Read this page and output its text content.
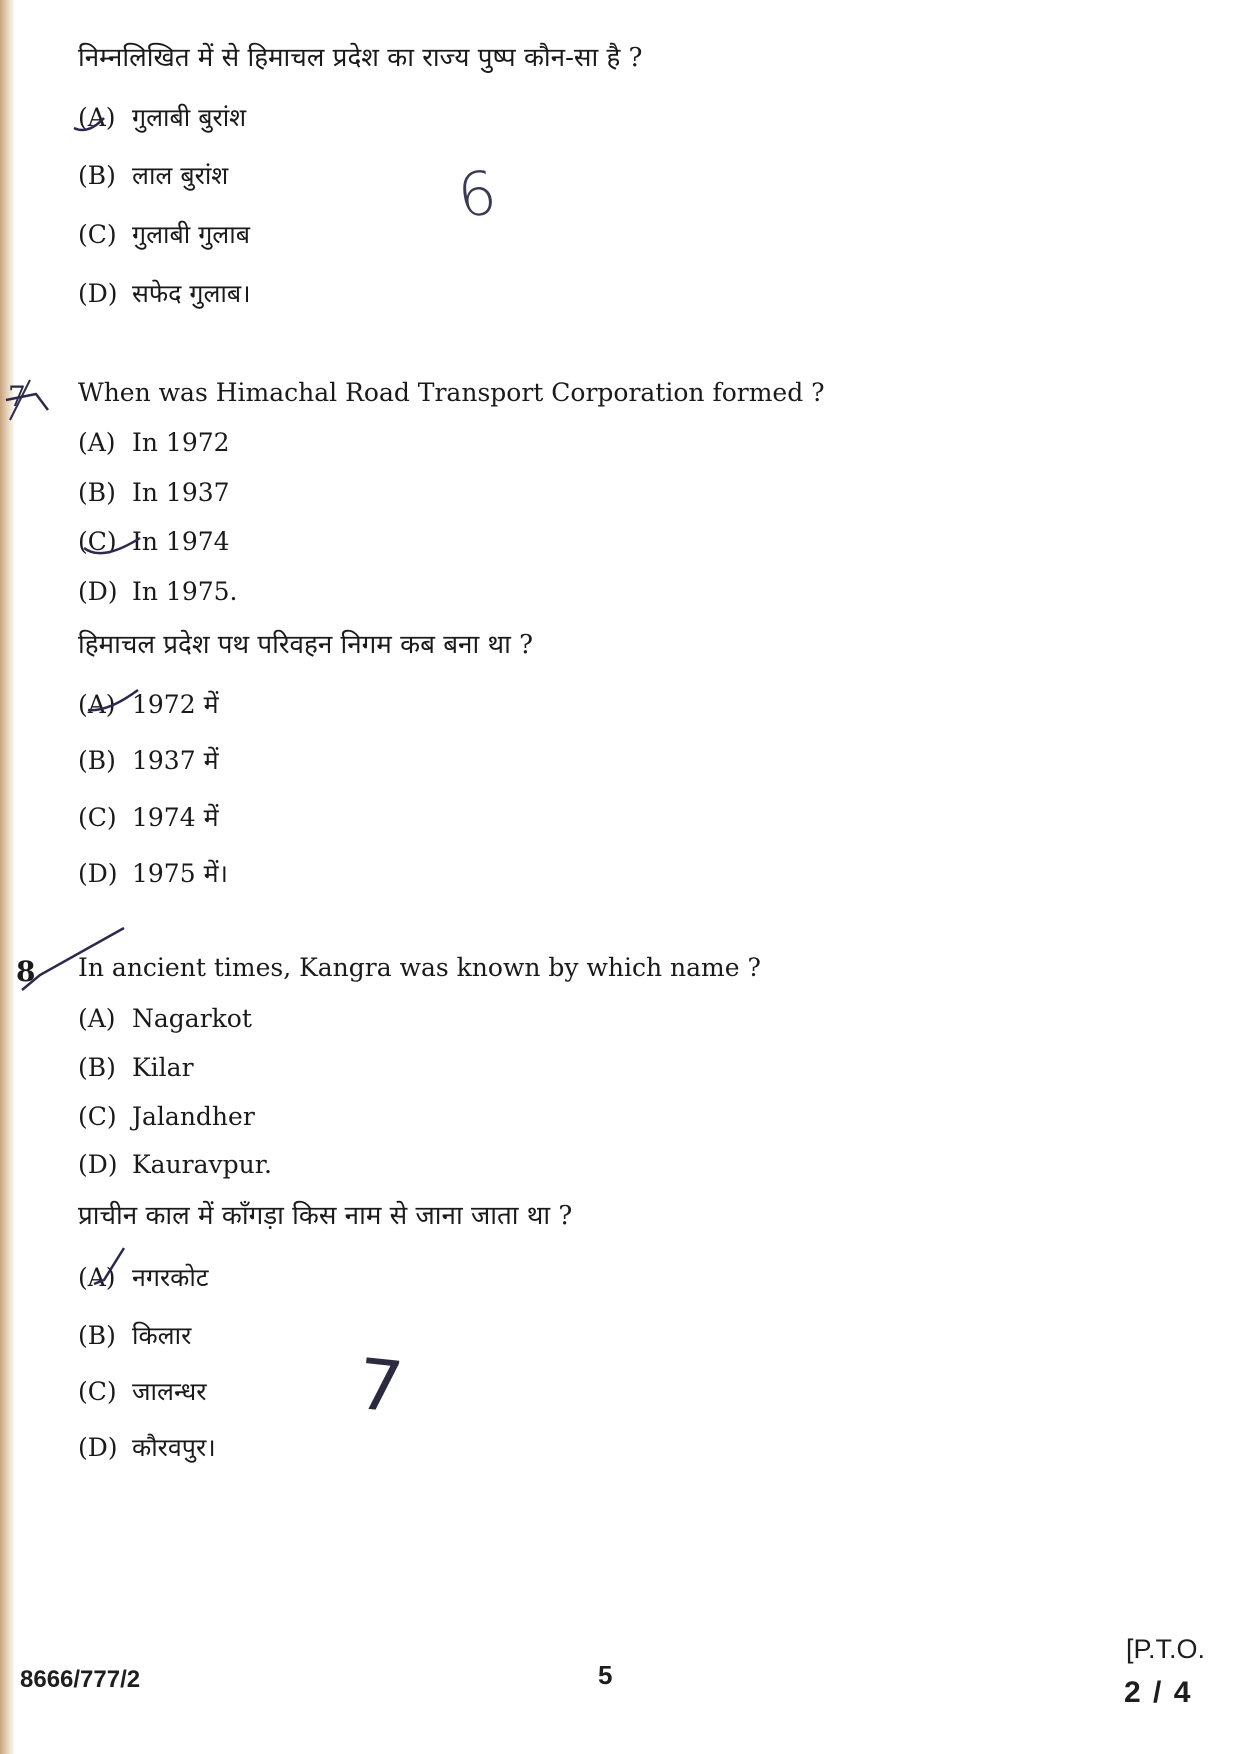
निम्नलिखित में से हिमाचल प्रदेश का राज्य पुष्प कौन-सा है ?
(A) गुलाबी बुरांश
(B) लाल बुरांश
(C) गुलाबी गुलाब
(D) सफेद गुलाब।
7 When was Himachal Road Transport Corporation formed ?
(A) In 1972
(B) In 1937
(C) In 1974
(D) In 1975.
हिमाचल प्रदेश पथ परिवहन निगम कब बना था ?
(A) 1972 में
(B) 1937 में
(C) 1974 में
(D) 1975 में।
8 In ancient times, Kangra was known by which name ?
(A) Nagarkot
(B) Kilar
(C) Jalandher
(D) Kauravpur.
प्राचीन काल में काँगड़ा किस नाम से जाना जाता था ?
(A) नगरकोट
(B) किलार
(C) जालन्धर
(D) कौरवपुर।
6
7
8666/777/2	5
[P.T.O.
2 / 4
